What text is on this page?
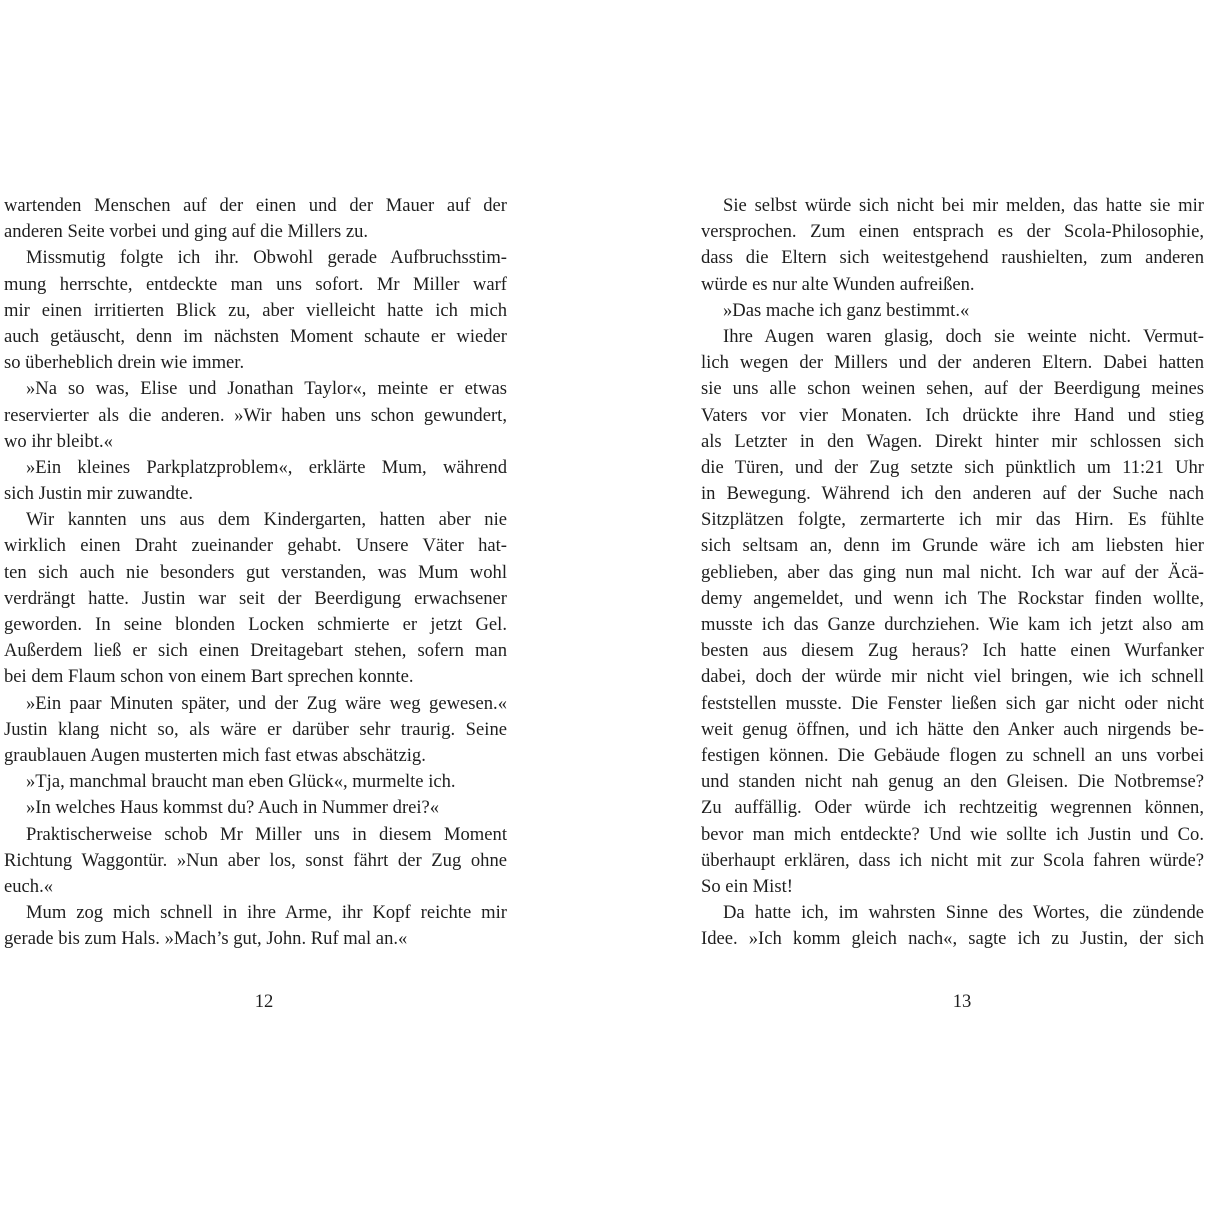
wartenden Menschen auf der einen und der Mauer auf der
anderen Seite vorbei und ging auf die Millers zu.
Missmutig folgte ich ihr. Obwohl gerade Aufbruchsstim-
mung herrschte, entdeckte man uns sofort. Mr Miller warf
mir einen irritierten Blick zu, aber vielleicht hatte ich mich
auch getäuscht, denn im nächsten Moment schaute er wieder
so überheblich drein wie immer.
»Na so was, Elise und Jonathan Taylor«, meinte er etwas
reservierter als die anderen. »Wir haben uns schon gewundert,
wo ihr bleibt.«
»Ein kleines Parkplatzproblem«, erklärte Mum, während
sich Justin mir zuwandte.
Wir kannten uns aus dem Kindergarten, hatten aber nie
wirklich einen Draht zueinander gehabt. Unsere Väter hat-
ten sich auch nie besonders gut verstanden, was Mum wohl
verdrängt hatte. Justin war seit der Beerdigung erwachsener
geworden. In seine blonden Locken schmierte er jetzt Gel.
Außerdem ließ er sich einen Dreitagebart stehen, sofern man
bei dem Flaum schon von einem Bart sprechen konnte.
»Ein paar Minuten später, und der Zug wäre weg gewesen.«
Justin klang nicht so, als wäre er darüber sehr traurig. Seine
graublauen Augen musterten mich fast etwas abschätzig.
»Tja, manchmal braucht man eben Glück«, murmelte ich.
»In welches Haus kommst du? Auch in Nummer drei?«
Praktischerweise schob Mr Miller uns in diesem Moment
Richtung Waggontür. »Nun aber los, sonst fährt der Zug ohne
euch.«
Mum zog mich schnell in ihre Arme, ihr Kopf reichte mir
gerade bis zum Hals. »Mach’s gut, John. Ruf mal an.«
12
Sie selbst würde sich nicht bei mir melden, das hatte sie mir
versprochen. Zum einen entsprach es der Scola-Philosophie,
dass die Eltern sich weitestgehend raushielten, zum anderen
würde es nur alte Wunden aufreißen.
»Das mache ich ganz bestimmt.«
Ihre Augen waren glasig, doch sie weinte nicht. Vermut-
lich wegen der Millers und der anderen Eltern. Dabei hatten
sie uns alle schon weinen sehen, auf der Beerdigung meines
Vaters vor vier Monaten. Ich drückte ihre Hand und stieg
als Letzter in den Wagen. Direkt hinter mir schlossen sich
die Türen, und der Zug setzte sich pünktlich um 11:21 Uhr
in Bewegung. Während ich den anderen auf der Suche nach
Sitzplätzen folgte, zermarterte ich mir das Hirn. Es fühlte
sich seltsam an, denn im Grunde wäre ich am liebsten hier
geblieben, aber das ging nun mal nicht. Ich war auf der Äcä-
demy angemeldet, und wenn ich The Rockstar finden wollte,
musste ich das Ganze durchziehen. Wie kam ich jetzt also am
besten aus diesem Zug heraus? Ich hatte einen Wurfanker
dabei, doch der würde mir nicht viel bringen, wie ich schnell
feststellen musste. Die Fenster ließen sich gar nicht oder nicht
weit genug öffnen, und ich hätte den Anker auch nirgends be-
festigen können. Die Gebäude flogen zu schnell an uns vorbei
und standen nicht nah genug an den Gleisen. Die Notbremse?
Zu auffällig. Oder würde ich rechtzeitig wegrennen können,
bevor man mich entdeckte? Und wie sollte ich Justin und Co.
überhaupt erklären, dass ich nicht mit zur Scola fahren würde?
So ein Mist!
Da hatte ich, im wahrsten Sinne des Wortes, die zündende
Idee. »Ich komm gleich nach«, sagte ich zu Justin, der sich
13
